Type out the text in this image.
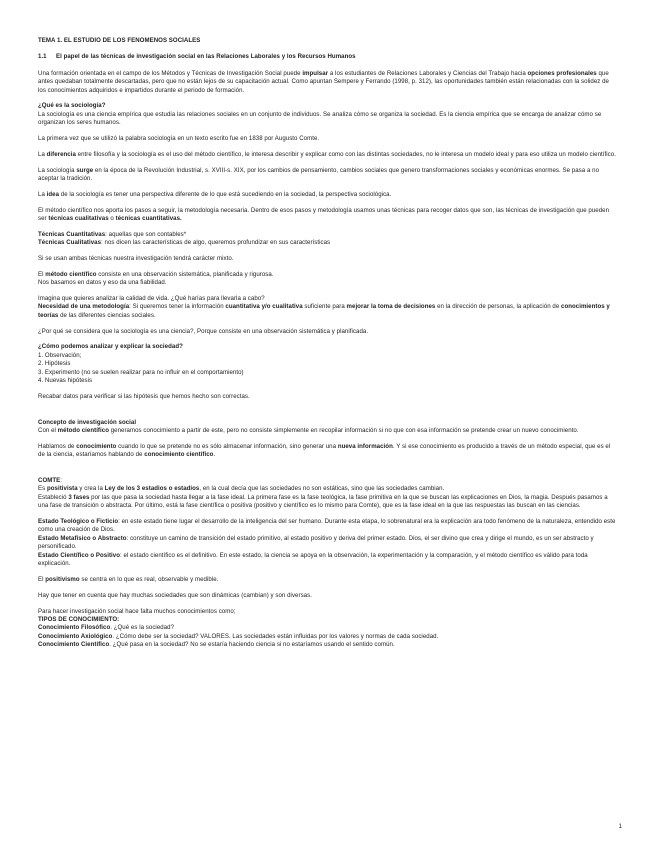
TEMA 1. EL ESTUDIO DE LOS FENOMENOS SOCIALES

1.1 El papel de las técnicas de investigación social en las Relaciones Laborales y los Recursos Humanos

Una formación orientada en el campo de los Métodos y Técnicas de Investigación Social puede impulsar a los estudiantes de Relaciones Laborales y Ciencias del Trabajo hacia opciones profesionales que antes quedaban totalmente descartadas, pero que no están lejos de su capacitación actual. Como apuntan Sempere y Ferrando (1998, p. 312), las oportunidades también están relacionadas con la solidez de los conocimientos adquiridos e impartidos durante el periodo de formación.

¿Qué es la sociología?
La sociología es una ciencia empírica que estudia las relaciones sociales en un conjunto de individuos. Se analiza cómo se organiza la sociedad. Es la ciencia empírica que se encarga de analizar cómo se organizan los seres humanos.

La primera vez que se utilizó la palabra sociología en un texto escrito fue en 1838 por Augusto Comte.

La diferencia entre filosofía y la sociología es el uso del método científico, le interesa describir y explicar como con las distintas sociedades, no le interesa un modelo ideal y para eso utiliza un modelo científico.

La sociología surge en la época de la Revolución Industrial, s. XVIII-s. XIX, por los cambios de pensamiento, cambios sociales que genero transformaciones sociales y económicas enormes. Se pasa a no aceptar la tradición.

La idea de la sociología es tener una perspectiva diferente de lo que está sucediendo en la sociedad, la perspectiva sociológica.

El método científico nos aporta los pasos a seguir, la metodología necesaria. Dentro de esos pasos y metodología usamos unas técnicas para recoger datos que son, las técnicas de investigación que pueden ser técnicas cualitativas o técnicas cuantitativas.

Técnicas Cuantitativas: aquellas que son contables*
Técnicas Cualitativas: nos dicen las características de algo, queremos profundizar en sus características

Si se usan ambas técnicas nuestra investigación tendrá carácter mixto.

El método científico consiste en una observación sistemática, planificada y rigurosa.
Nos basamos en datos y eso da una fiabilidad.

Imagina que quieres analizar la calidad de vida. ¿Qué harías para llevarla a cabo?
Necesidad de una metodología: Si queremos tener la información cuantitativa y/o cualitativa suficiente para mejorar la toma de decisiones en la dirección de personas, la aplicación de conocimientos y teorías de las diferentes ciencias sociales.

¿Por qué se considera que la sociología es una ciencia?, Porque consiste en una observación sistemática y planificada.

¿Cómo podemos analizar y explicar la sociedad?
1. Observación;
2. Hipótesis
3. Experimento (no se suelen realizar para no influir en el comportamiento)
4. Nuevas hipótesis

Recabar datos para verificar si las hipótesis que hemos hecho son correctas.

Concepto de investigación social
Con el método científico generamos conocimiento a partir de este, pero no consiste simplemente en recopilar información si no que con esa información se pretende crear un nuevo conocimiento.

Hablamos de conocimiento cuando lo que se pretende no es sólo almacenar información, sino generar una nueva información. Y si ese conocimiento es producido a través de un método especial, que es el de la ciencia, estaríamos hablando de conocimiento científico.

COMTE:
Es positivista y crea la Ley de los 3 estadios o estadios, en la cual decía que las sociedades no son estáticas, sino que las sociedades cambian.
Estableció 3 fases por las que pasa la sociedad hasta llegar a la fase ideal. La primera fase es la fase teológica, la fase primitiva en la que se buscan las explicaciones en Dios, la magia. Después pasamos a una fase de transición o abstracta. Por último, está la fase científica o positiva (positivo y científico es lo mismo para Comte), que es la fase ideal en la que las respuestas las buscan en las ciencias.

Estado Teológico o Ficticio: en este estado tiene lugar el desarrollo de la inteligencia del ser humano. Durante esta etapa, lo sobrenatural era la explicación ara todo fenómeno de la naturaleza, entendido este como una creación de Dios.
Estado Metafísico o Abstracto: constituye un camino de transición del estado primitivo, al estado positivo y deriva del primer estado. Dios, el ser divino que crea y dirige el mundo, es un ser abstracto y personificado.
Estado Científico o Positivo: el estado científico es el definitivo. En este estado, la ciencia se apoya en la observación, la experimentación y la comparación, y el método científico es válido para toda explicación.

El positivismo se centra en lo que es real, observable y medible.

Hay que tener en cuenta que hay muchas sociedades que son dinámicas (cambian) y son diversas.

Para hacer investigación social hace falta muchos conocimientos como;
TIPOS DE CONOCIMIENTO:
Conocimiento Filosófico. ¿Qué es la sociedad?
Conocimiento Axiológico. ¿Cómo debe ser la sociedad? VALORES. Las sociedades están influidas por los valores y normas de cada sociedad.
Conocimiento Científico. ¿Qué pasa en la sociedad? No se estaría haciendo ciencia si no estaríamos usando el sentido común.

1
